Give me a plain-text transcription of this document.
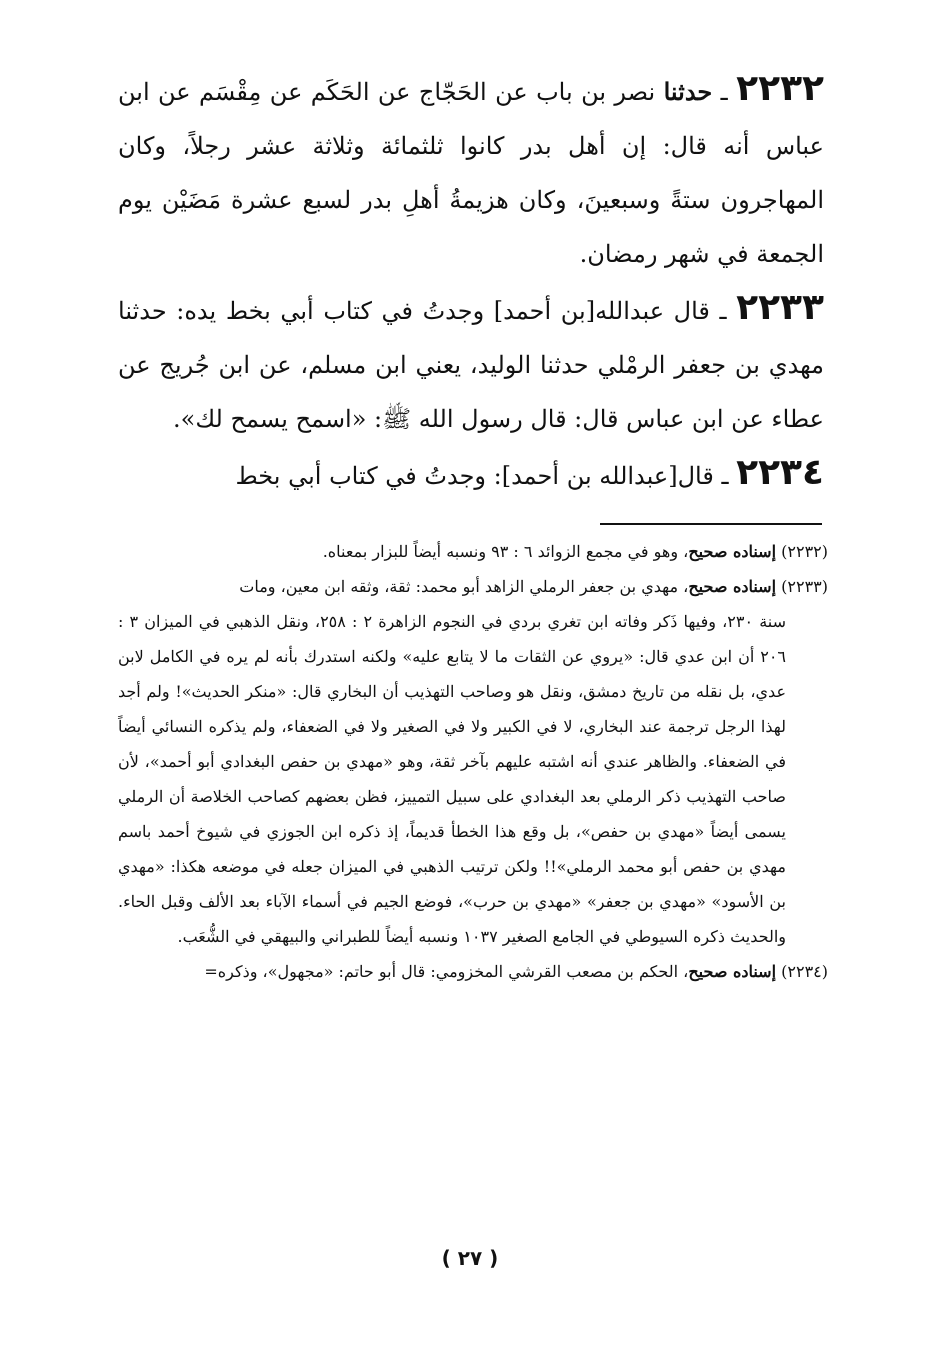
٢٢٣٢ ـ حدثنا نصر بن باب عن الحَجّاج عن الحَكَم عن مِقْسَم عن ابن عباس أنه قال: إن أهل بدر كانوا ثلثمائة وثلاثة عشر رجلاً، وكان المهاجرون ستةً وسبعينَ، وكان هزيمةُ أهلِ بدر لسبع عشرة مَضَيْن يوم الجمعة في شهر رمضان.

٢٢٣٣ ـ قال عبدالله[بن أحمد] وجدتُ في كتاب أبي بخط يده: حدثنا مهدي بن جعفر الرمْلي حدثنا الوليد، يعني ابن مسلم، عن ابن جُريج عن عطاء عن ابن عباس قال: قال رسول الله ﷺ: «اسمح يسمح لك».

٢٢٣٤ ـ قال[عبدالله بن أحمد]: وجدتُ في كتاب أبي بخط

(٢٢٣٢) إسناده صحيح، وهو في مجمع الزوائد ٦ : ٩٣ ونسبه أيضاً للبزار بمعناه.

(٢٢٣٣) إسناده صحيح، مهدي بن جعفر الرملي الزاهد أبو محمد: ثقة، وثقه ابن معين، ومات

سنة ٢٣٠، وفيها ذَكر وفاته ابن تغري بردي في النجوم الزاهرة ٢ : ٢٥٨، ونقل الذهبي في الميزان ٣ : ٢٠٦ أن ابن عدي قال: «يروي عن الثقات ما لا يتابع عليه» ولكنه استدرك بأنه لم يره في الكامل لابن عدي، بل نقله من تاريخ دمشق، ونقل هو وصاحب التهذيب أن البخاري قال: «منكر الحديث»! ولم أجد لهذا الرجل ترجمة عند البخاري، لا في الكبير ولا في الصغير ولا في الضعفاء، ولم يذكره النسائي أيضاً في الضعفاء. والظاهر عندي أنه اشتبه عليهم بآخر ثقة، وهو «مهدي بن حفص البغدادي أبو أحمد»، لأن صاحب التهذيب ذكر الرملي بعد البغدادي على سبيل التمييز، فظن بعضهم كصاحب الخلاصة أن الرملي يسمى أيضاً «مهدي بن حفص»، بل وقع هذا الخطأ قديماً، إذ ذكره ابن الجوزي في شيوخ أحمد باسم مهدي بن حفص أبو محمد الرملي»!! ولكن ترتيب الذهبي في الميزان جعله في موضعه هكذا: «مهدي بن الأسود» «مهدي بن جعفر» «مهدي بن حرب»، فوضع الجيم في أسماء الآباء بعد الألف وقبل الحاء. والحديث ذكره السيوطي في الجامع الصغير ١٠٣٧ ونسبه أيضاً للطبراني والبيهقي في الشُّعَب.

(٢٢٣٤) إسناده صحيح، الحكم بن مصعب القرشي المخزومي: قال أبو حاتم: «مجهول»، وذكره=

( ٢٧ )
